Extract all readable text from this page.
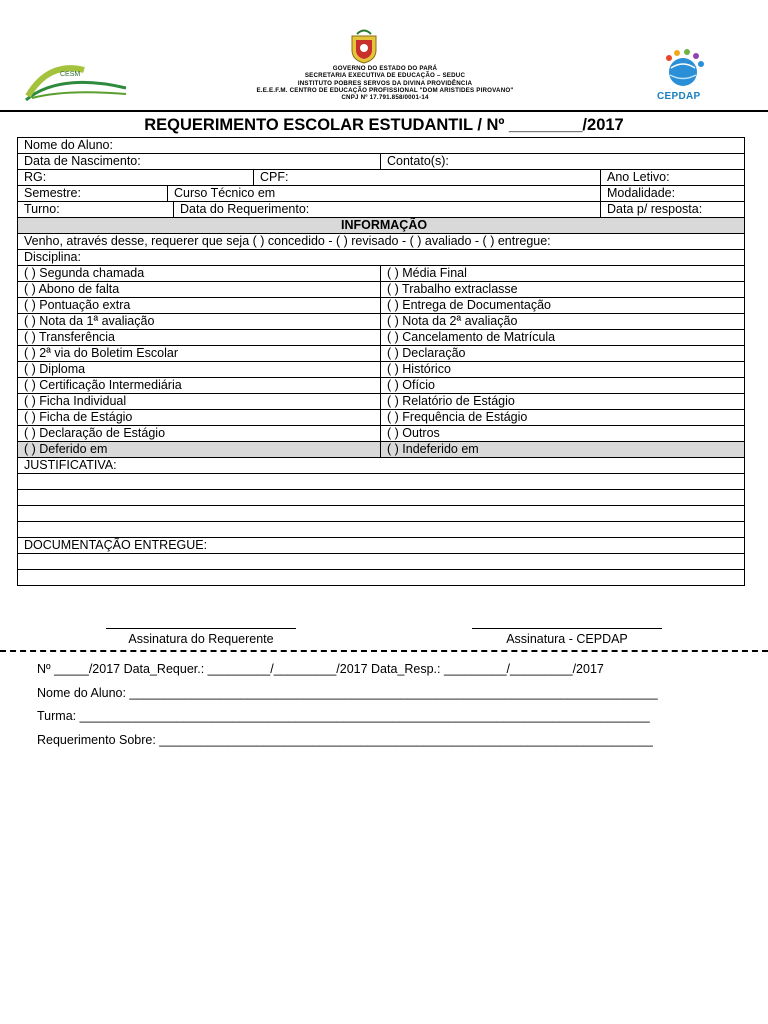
CESM
GOVERNO DO ESTADO DO PARÁ
SECRETARIA EXECUTIVA DE EDUCAÇÃO – SEDUC
INSTITUTO POBRES SERVOS DA DIVINA PROVIDÊNCIA
E.E.E.F.M. CENTRO DE EDUCAÇÃO PROFISSIONAL "DOM ARISTIDES PIROVANO"
CNPJ Nº 17.791.858/0001-14	CEPDAP
REQUERIMENTO ESCOLAR ESTUDANTIL / Nº ________/2017
Nome do Aluno:					
Data de Nascimento:				Contato(s):	
RG:			CPF:		Ano Letivo:
Semestre:	Curso Técnico em				Modalidade:
Turno:		Data do Requerimento:			Data p/ resposta:
INFORMAÇÃO					
Venho, através desse, requerer que seja ( ) concedido - ( ) revisado - ( ) avaliado - ( ) entregue:					
Disciplina:					
( ) Segunda chamada				( ) Média Final	
( ) Abono de falta				( ) Trabalho extraclasse	
( ) Pontuação extra				( ) Entrega de Documentação	
( ) Nota da 1ª avaliação				( ) Nota da 2ª avaliação	
( ) Transferência				( ) Cancelamento de Matrícula	
( ) 2ª via do Boletim Escolar				( ) Declaração	
( ) Diploma				( ) Histórico	
( ) Certificação Intermediária				( ) Ofício	
( ) Ficha Individual				( ) Relatório de Estágio	
( ) Ficha de Estágio				( ) Frequência de Estágio	
( ) Declaração de Estágio				( ) Outros	
( ) Deferido em				( ) Indeferido em	
JUSTIFICATIVA:					

DOCUMENTAÇÃO ENTREGUE:					

Assinatura do Requerente	Assinatura - CEPDAP
Nº _____/2017 Data_Requer.: _________/_________/2017 Data_Resp.: _________/_________/2017
Nome do Aluno: ____________________________________________________________________________
Turma: __________________________________________________________________________________
Requerimento Sobre: _______________________________________________________________________
